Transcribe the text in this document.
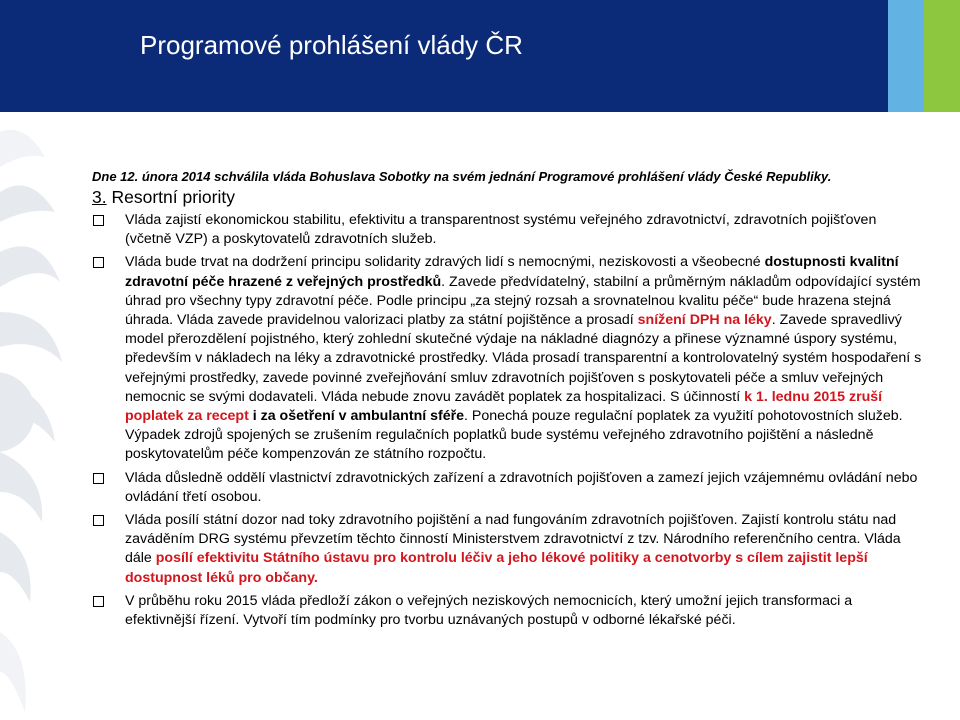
Programové prohlášení vlády ČR

Dne 12. února 2014 schválila vláda Bohuslava Sobotky na svém jednání Programové prohlášení vlády České Republiky.

3. Resortní priority
Vláda zajistí ekonomickou stabilitu, efektivitu a transparentnost systému veřejného zdravotnictví, zdravotních pojišťoven (včetně VZP) a poskytovatelů zdravotních služeb.
Vláda bude trvat na dodržení principu solidarity zdravých lidí s nemocnými, neziskovosti a všeobecné dostupnosti kvalitní zdravotní péče hrazené z veřejných prostředků. Zavede předvídatelný, stabilní a průměrným nákladům odpovídající systém úhrad pro všechny typy zdravotní péče. Podle principu „za stejný rozsah a srovnatelnou kvalitu péče“ bude hrazena stejná úhrada. Vláda zavede pravidelnou valorizaci platby za státní pojištěnce a prosadí snížení DPH na léky. Zavede spravedlivý model přerozdělení pojistného, který zohlední skutečné výdaje na nákladné diagnózy a přinese významné úspory systému, především v nákladech na léky a zdravotnické prostředky. Vláda prosadí transparentní a kontrolovatelný systém hospodaření s veřejnými prostředky, zavede povinné zveřejňování smluv zdravotních pojišťoven s poskytovateli péče a smluv veřejných nemocnic se svými dodavateli. Vláda nebude znovu zavádět poplatek za hospitalizaci. S účinností k 1. lednu 2015 zruší poplatek za recept i za ošetření v ambulantní sféře. Ponechá pouze regulační poplatek za využití pohotovostních služeb. Výpadek zdrojů spojených se zrušením regulačních poplatků bude systému veřejného zdravotního pojištění a následně poskytovatelům péče kompenzován ze státního rozpočtu.
Vláda důsledně oddělí vlastnictví zdravotnických zařízení a zdravotních pojišťoven a zamezí jejich vzájemnému ovládání nebo ovládání třetí osobou.
Vláda posílí státní dozor nad toky zdravotního pojištění a nad fungováním zdravotních pojišťoven. Zajistí kontrolu státu nad zaváděním DRG systému převzetím těchto činností Ministerstvem zdravotnictví z tzv. Národního referenčního centra. Vláda dále posílí efektivitu Státního ústavu pro kontrolu léčiv a jeho lékové politiky a cenotvorby s cílem zajistit lepší dostupnost léků pro občany.
V průběhu roku 2015 vláda předloží zákon o veřejných neziskových nemocnicích, který umožní jejich transformaci a efektivnější řízení. Vytvoří tím podmínky pro tvorbu uznávaných postupů v odborné lékařské péči.
